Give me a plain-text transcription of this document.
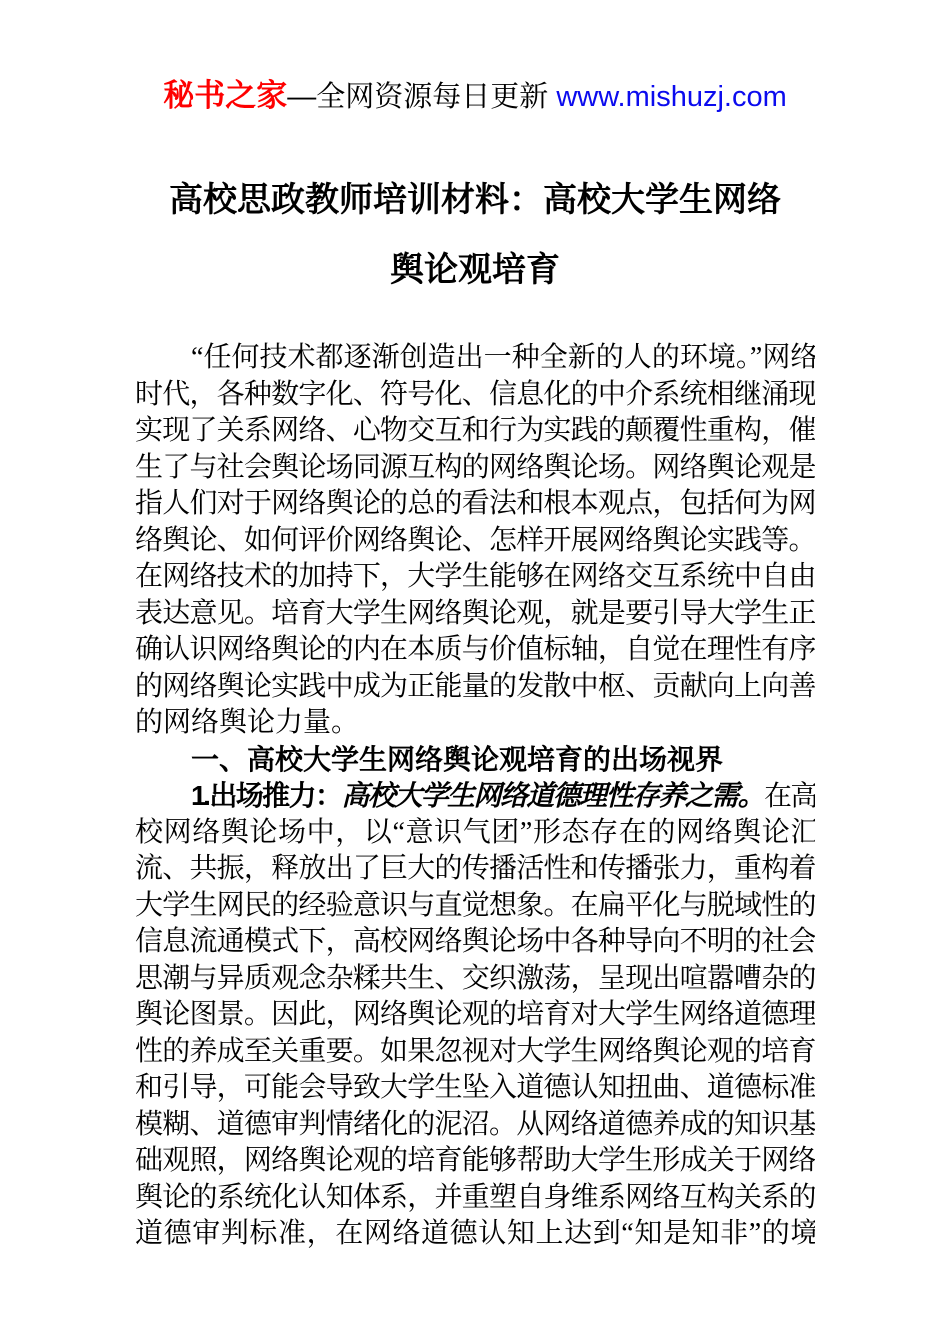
秘书之家—全网资源每日更新 www.mishuzj.com
高校思政教师培训材料：高校大学生网络
舆论观培育
“任何技术都逐渐创造出一种全新的人的环境。”网络
时代，各种数字化、符号化、信息化的中介系统相继涌现
实现了关系网络、心物交互和行为实践的颠覆性重构，催
生了与社会舆论场同源互构的网络舆论场。网络舆论观是
指人们对于网络舆论的总的看法和根本观点，包括何为网
络舆论、如何评价网络舆论、怎样开展网络舆论实践等。
在网络技术的加持下，大学生能够在网络交互系统中自由
表达意见。培育大学生网络舆论观，就是要引导大学生正
确认识网络舆论的内在本质与价值标轴，自觉在理性有序
的网络舆论实践中成为正能量的发散中枢、贡献向上向善
的网络舆论力量。
一、高校大学生网络舆论观培育的出场视界
1.出场推力：高校大学生网络道德理性存养之需。在高
校网络舆论场中，以“意识气团”形态存在的网络舆论汇
流、共振，释放出了巨大的传播活性和传播张力，重构着
大学生网民的经验意识与直觉想象。在扁平化与脱域性的
信息流通模式下，高校网络舆论场中各种导向不明的社会
思潮与异质观念杂糅共生、交织激荡，呈现出喧嚣嘈杂的
舆论图景。因此，网络舆论观的培育对大学生网络道德理
性的养成至关重要。如果忽视对大学生网络舆论观的培育
和引导，可能会导致大学生坠入道德认知扭曲、道德标准
模糊、道德审判情绪化的泥沼。从网络道德养成的知识基
础观照，网络舆论观的培育能够帮助大学生形成关于网络
舆论的系统化认知体系，并重塑自身维系网络互构关系的
道德审判标准，在网络道德认知上达到“知是知非”的境
